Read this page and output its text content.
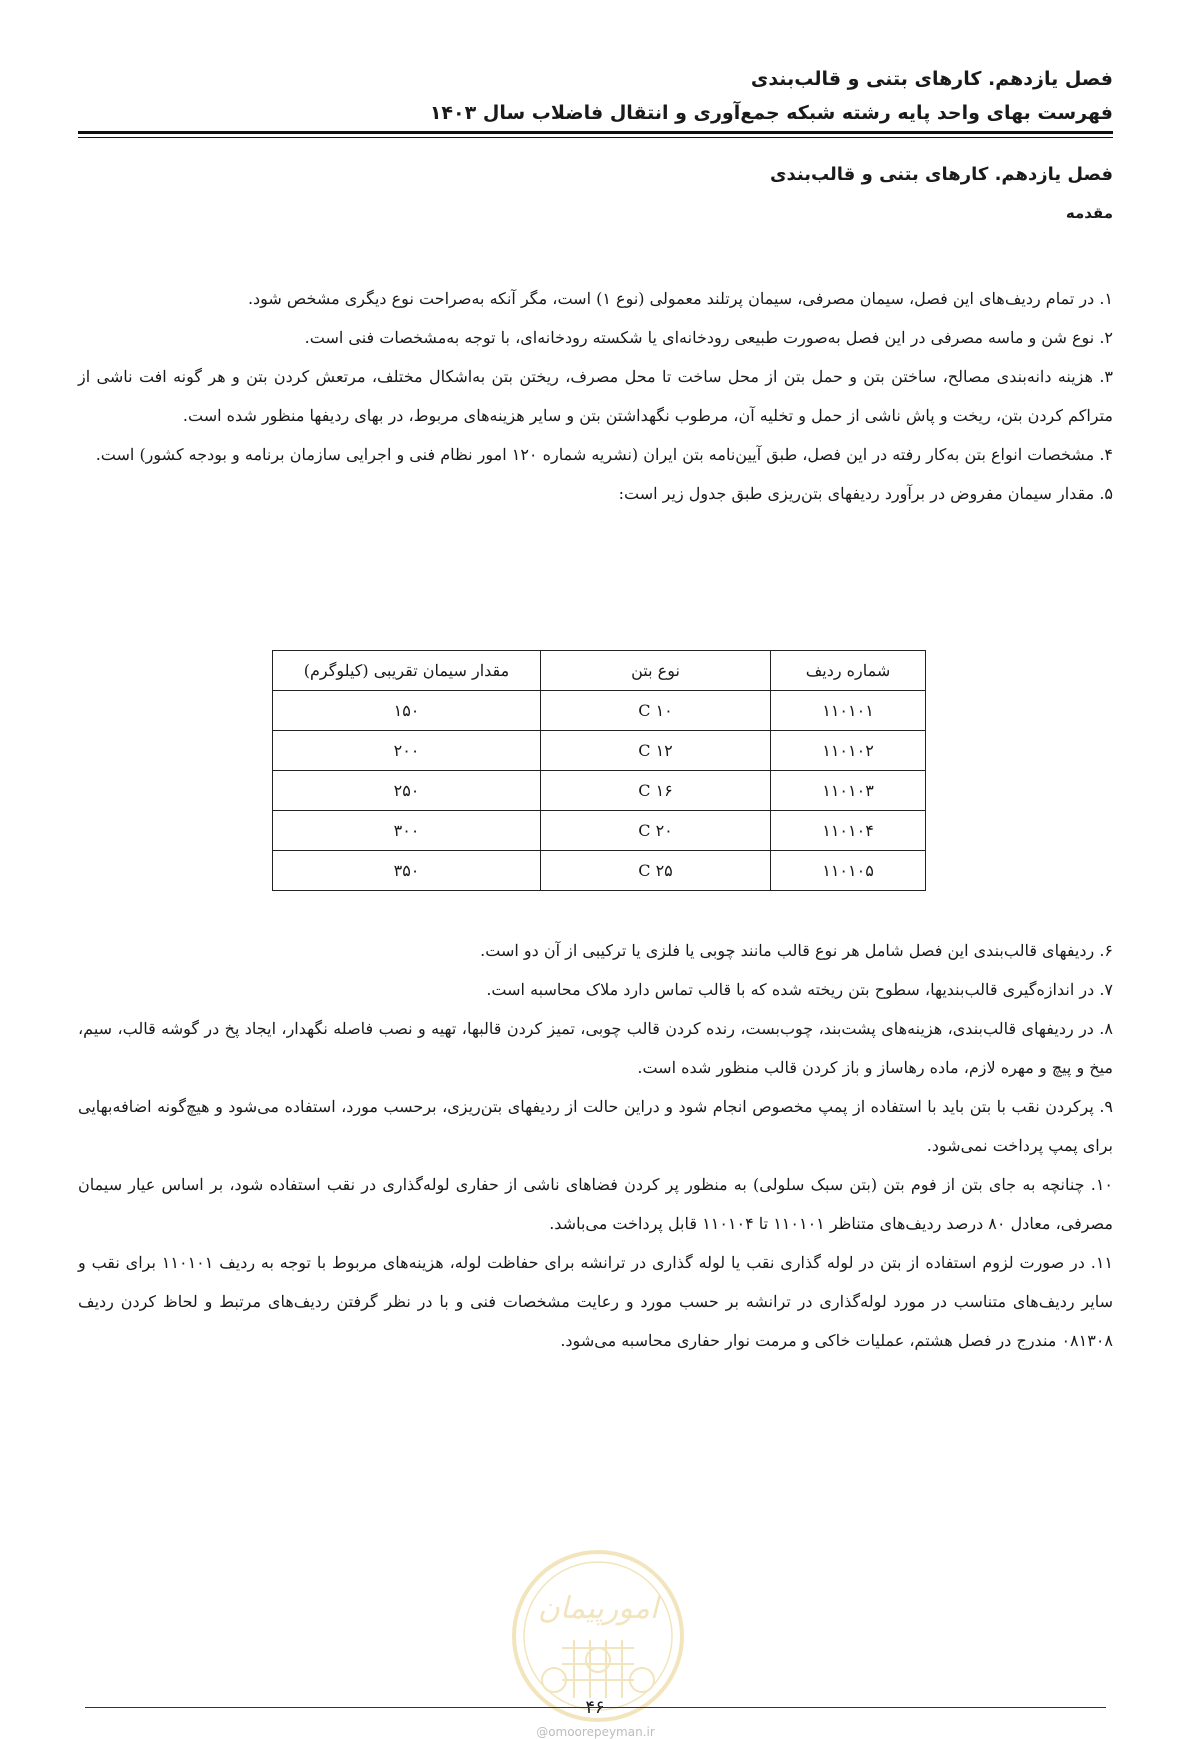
فصل یازدهم. کارهای بتنی و قالب‌بندی
فهرست بهای واحد پایه رشته شبکه جمع‌آوری و انتقال فاضلاب سال ۱۴۰۳
فصل یازدهم. کارهای بتنی و قالب‌بندی
مقدمه

۱. در تمام ردیف‌های این فصل، سیمان مصرفی، سیمان پرتلند معمولی (نوع ۱) است، مگر آنکه به‌صراحت نوع دیگری مشخص شود.

۲. نوع شن و ماسه مصرفی در این فصل به‌صورت طبیعی رودخانه‌ای یا شکسته رودخانه‌ای، با توجه به‌مشخصات فنی است.

۳. هزینه دانه‌بندی مصالح، ساختن بتن و حمل بتن از محل ساخت تا محل مصرف، ریختن بتن به‌اشکال مختلف، مرتعش کردن بتن و هر گونه افت ناشی از متراکم کردن بتن، ریخت و پاش ناشی از حمل و تخلیه آن، مرطوب نگهداشتن بتن و سایر هزینه‌های مربوط، در بهای ردیفها منظور شده است.

۴. مشخصات انواع بتن به‌کار رفته در این فصل، طبق آیین‌نامه بتن ایران (نشریه شماره ۱۲۰ امور نظام فنی و اجرایی سازمان برنامه و بودجه کشور) است.

۵. مقدار سیمان مفروض در برآورد ردیفهای بتن‌ریزی طبق جدول زیر است:

شماره ردیف	نوع بتن	مقدار سیمان تقریبی (کیلوگرم)
۱۱۰۱۰۱	C ۱۰	۱۵۰
۱۱۰۱۰۲	C ۱۲	۲۰۰
۱۱۰۱۰۳	C ۱۶	۲۵۰
۱۱۰۱۰۴	C ۲۰	۳۰۰
۱۱۰۱۰۵	C ۲۵	۳۵۰

۶. ردیفهای قالب‌بندی این فصل شامل هر نوع قالب مانند چوبی یا فلزی یا ترکیبی از آن دو است.

۷. در اندازه‌گیری قالب‌بندیها، سطوح بتن ریخته شده که با قالب تماس دارد ملاک محاسبه است.

۸. در ردیفهای قالب‌بندی، هزینه‌های پشت‌بند، چوب‌بست، رنده کردن قالب چوبی، تمیز کردن قالبها، تهیه و نصب فاصله نگهدار، ایجاد پخ در گوشه قالب، سیم، میخ و پیچ و مهره لازم، ماده رهاساز و باز کردن قالب منظور شده است.

۹. پرکردن نقب با بتن باید با استفاده از پمپ مخصوص انجام شود و دراین حالت از ردیفهای بتن‌ریزی، برحسب مورد، استفاده می‌شود و هیچ‌گونه اضافه‌بهایی برای پمپ پرداخت نمی‌شود.

۱۰. چنانچه به جای بتن از فوم بتن (بتن سبک سلولی) به منظور پر کردن فضاهای ناشی از حفاری لوله‌گذاری در نقب استفاده شود، بر اساس عیار سیمان مصرفی، معادل ۸۰ درصد ردیف‌های متناظر ۱۱۰۱۰۱ تا ۱۱۰۱۰۴ قابل پرداخت می‌باشد.

۱۱. در صورت لزوم استفاده از بتن در لوله گذاری نقب یا لوله گذاری در ترانشه برای حفاظت لوله، هزینه‌های مربوط با توجه به ردیف ۱۱۰۱۰۱ برای نقب و سایر ردیف‌های متناسب در مورد لوله‌گذاری در ترانشه بر حسب مورد و رعایت مشخصات فنی و با در نظر گرفتن ردیف‌های مرتبط و لحاظ کردن ردیف ۰۸۱۳۰۸ مندرج در فصل هشتم، عملیات خاکی و مرمت نوار حفاری محاسبه می‌شود.

امورپیمان
۴۶
@omoorepeyman.ir
